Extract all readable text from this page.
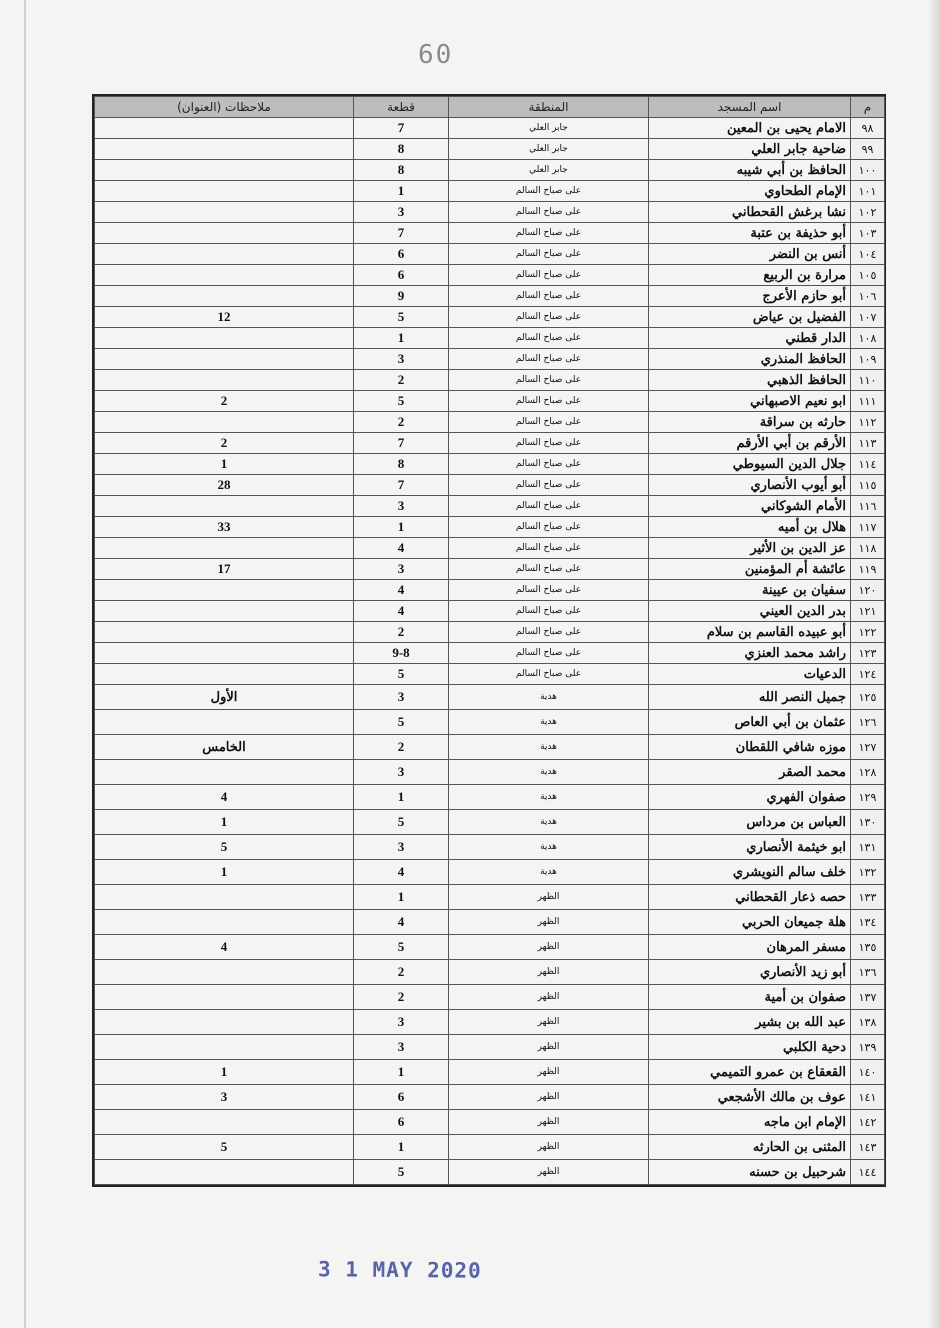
60
م	اسم المسجد	المنطقة	قطعة	ملاحظات (العنوان)
٩٨	الامام يحيى بن المعين	جابر العلي	7	
٩٩	ضاحية جابر العلي	جابر العلي	8	
١٠٠	الحافظ بن أبي شيبه	جابر العلي	8	
١٠١	الإمام الطحاوي	على صباح السالم	1	
١٠٢	نشا برغش القحطاني	على صباح السالم	3	
١٠٣	أبو حذيفة بن عتبة	على صباح السالم	7	
١٠٤	أنس بن النضر	على صباح السالم	6	
١٠٥	مرارة بن الربيع	على صباح السالم	6	
١٠٦	أبو حازم الأعرج	على صباح السالم	9	
١٠٧	الفضيل بن عياض	على صباح السالم	5	12
١٠٨	الدار قطني	على صباح السالم	1	
١٠٩	الحافظ المنذري	على صباح السالم	3	
١١٠	الحافظ الذهبي	على صباح السالم	2	
١١١	ابو نعيم الاصبهاني	على صباح السالم	5	2
١١٢	حارثه بن سراقة	على صباح السالم	2	
١١٣	الأرقم بن أبي الأرقم	على صباح السالم	7	2
١١٤	جلال الدين السيوطي	على صباح السالم	8	1
١١٥	أبو أيوب الأنصاري	على صباح السالم	7	28
١١٦	الأمام الشوكاني	على صباح السالم	3	
١١٧	هلال بن أميه	على صباح السالم	1	33
١١٨	عز الدين بن الأثير	على صباح السالم	4	
١١٩	عائشة أم المؤمنين	على صباح السالم	3	17
١٢٠	سفيان بن عيينة	على صباح السالم	4	
١٢١	بدر الدين العيني	على صباح السالم	4	
١٢٢	أبو عبيده القاسم بن سلام	على صباح السالم	2	
١٢٣	راشد محمد العنزي	على صباح السالم	9-8	
١٢٤	الدعيات	على صباح السالم	5	
١٢٥	جميل النصر الله	هدية	3	الأول
١٢٦	عثمان بن أبي العاص	هدية	5	
١٢٧	موزه شافي اللقطان	هدية	2	الخامس
١٢٨	محمد الصقر	هدية	3	
١٢٩	صفوان الفهري	هدية	1	4
١٣٠	العباس بن مرداس	هدية	5	1
١٣١	ابو خيثمة الأنصاري	هدية	3	5
١٣٢	خلف سالم النويشري	هدية	4	1
١٣٣	حصه ذعار القحطاني	الظهر	1	
١٣٤	هلة جميعان الحربي	الظهر	4	
١٣٥	مسفر المرهان	الظهر	5	4
١٣٦	أبو زيد الأنصاري	الظهر	2	
١٣٧	صفوان بن أمية	الظهر	2	
١٣٨	عبد الله بن بشير	الظهر	3	
١٣٩	دحية الكلبي	الظهر	3	
١٤٠	القعقاع بن عمرو التميمي	الظهر	1	1
١٤١	عوف بن مالك الأشجعي	الظهر	6	3
١٤٢	الإمام ابن ماجه	الظهر	6	
١٤٣	المثنى بن الحارثه	الظهر	1	5
١٤٤	شرحبيل بن حسنه	الظهر	5	
3 1 MAY 2020
